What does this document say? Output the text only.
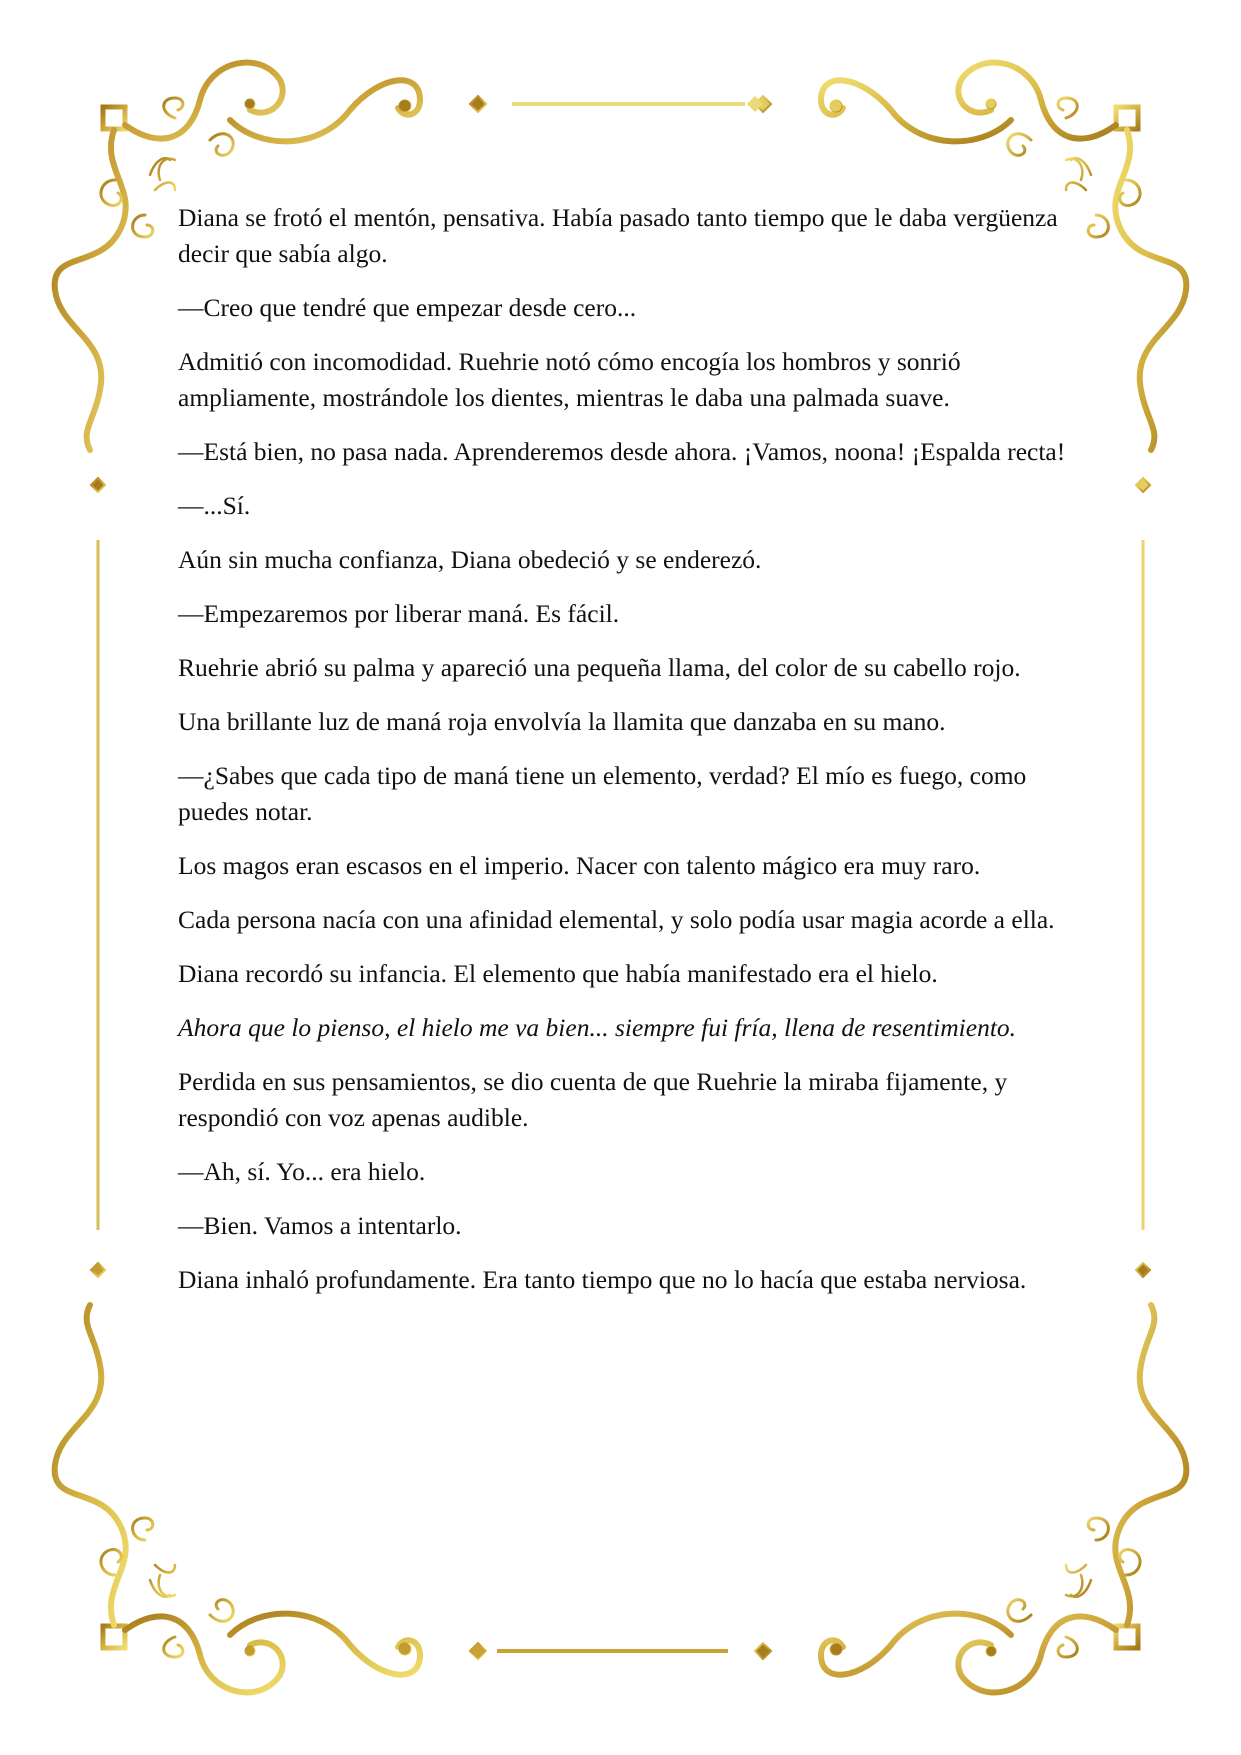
Diana se frotó el mentón, pensativa. Había pasado tanto tiempo que le daba vergüenza decir que sabía algo.

—Creo que tendré que empezar desde cero...

Admitió con incomodidad. Ruehrie notó cómo encogía los hombros y sonrió ampliamente, mostrándole los dientes, mientras le daba una palmada suave.

—Está bien, no pasa nada. Aprenderemos desde ahora. ¡Vamos, noona! ¡Espalda recta!

—...Sí.

Aún sin mucha confianza, Diana obedeció y se enderezó.

—Empezaremos por liberar maná. Es fácil.

Ruehrie abrió su palma y apareció una pequeña llama, del color de su cabello rojo.

Una brillante luz de maná roja envolvía la llamita que danzaba en su mano.

—¿Sabes que cada tipo de maná tiene un elemento, verdad? El mío es fuego, como puedes notar.

Los magos eran escasos en el imperio. Nacer con talento mágico era muy raro.

Cada persona nacía con una afinidad elemental, y solo podía usar magia acorde a ella.

Diana recordó su infancia. El elemento que había manifestado era el hielo.

Ahora que lo pienso, el hielo me va bien... siempre fui fría, llena de resentimiento.

Perdida en sus pensamientos, se dio cuenta de que Ruehrie la miraba fijamente, y respondió con voz apenas audible.

—Ah, sí. Yo... era hielo.

—Bien. Vamos a intentarlo.

Diana inhaló profundamente. Era tanto tiempo que no lo hacía que estaba nerviosa.
